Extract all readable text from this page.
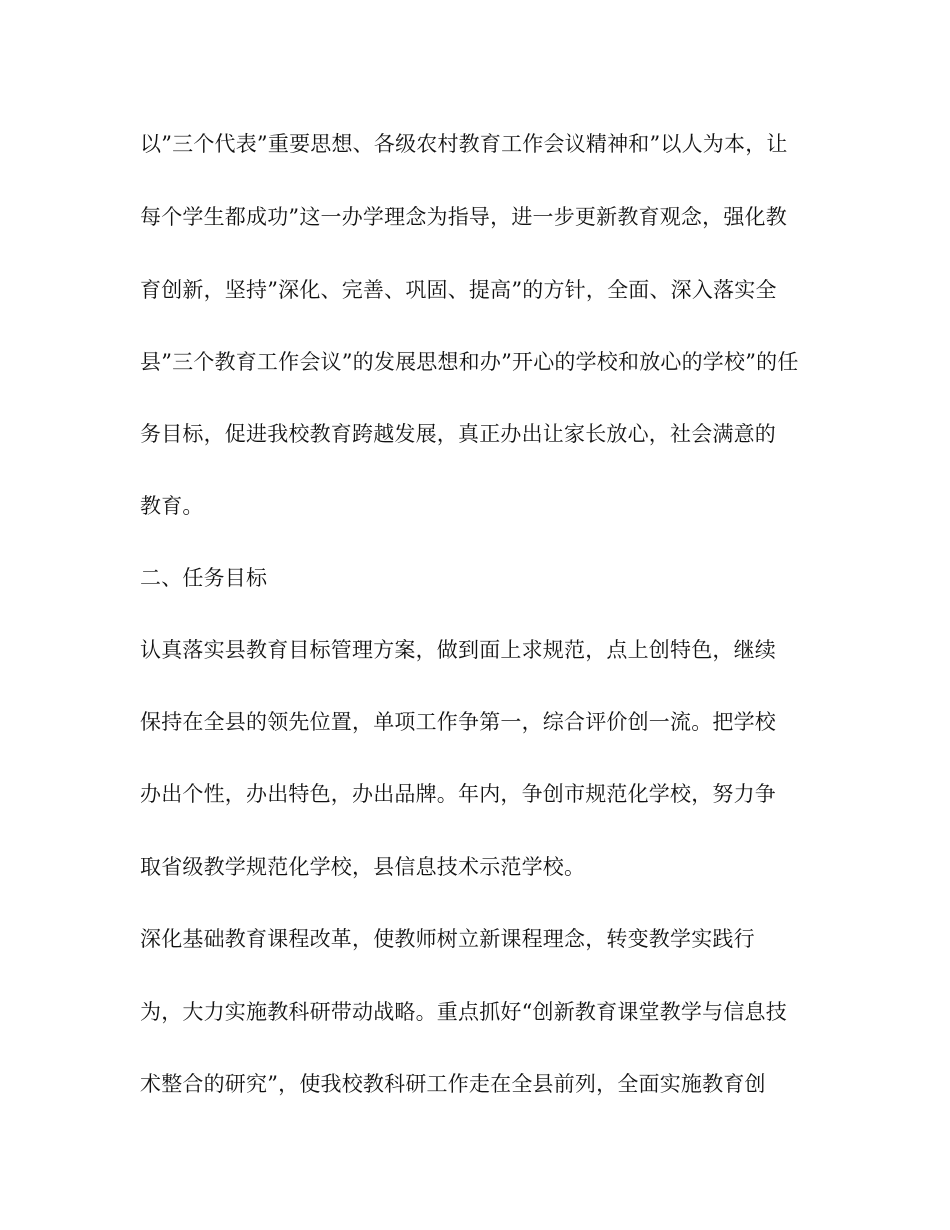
以”三个代表”重要思想、各级农村教育工作会议精神和”以人为本，让
每个学生都成功”这一办学理念为指导，进一步更新教育观念，强化教
育创新，坚持”深化、完善、巩固、提高”的方针，全面、深入落实全
县”三个教育工作会议”的发展思想和办”开心的学校和放心的学校”的任
务目标，促进我校教育跨越发展，真正办出让家长放心，社会满意的
教育。
二、任务目标
认真落实县教育目标管理方案，做到面上求规范，点上创特色，继续
保持在全县的领先位置，单项工作争第一，综合评价创一流。把学校
办出个性，办出特色，办出品牌。年内，争创市规范化学校，努力争
取省级教学规范化学校，县信息技术示范学校。
深化基础教育课程改革，使教师树立新课程理念，转变教学实践行
为，大力实施教科研带动战略。重点抓好“创新教育课堂教学与信息技
术整合的研究”，使我校教科研工作走在全县前列，全面实施教育创
